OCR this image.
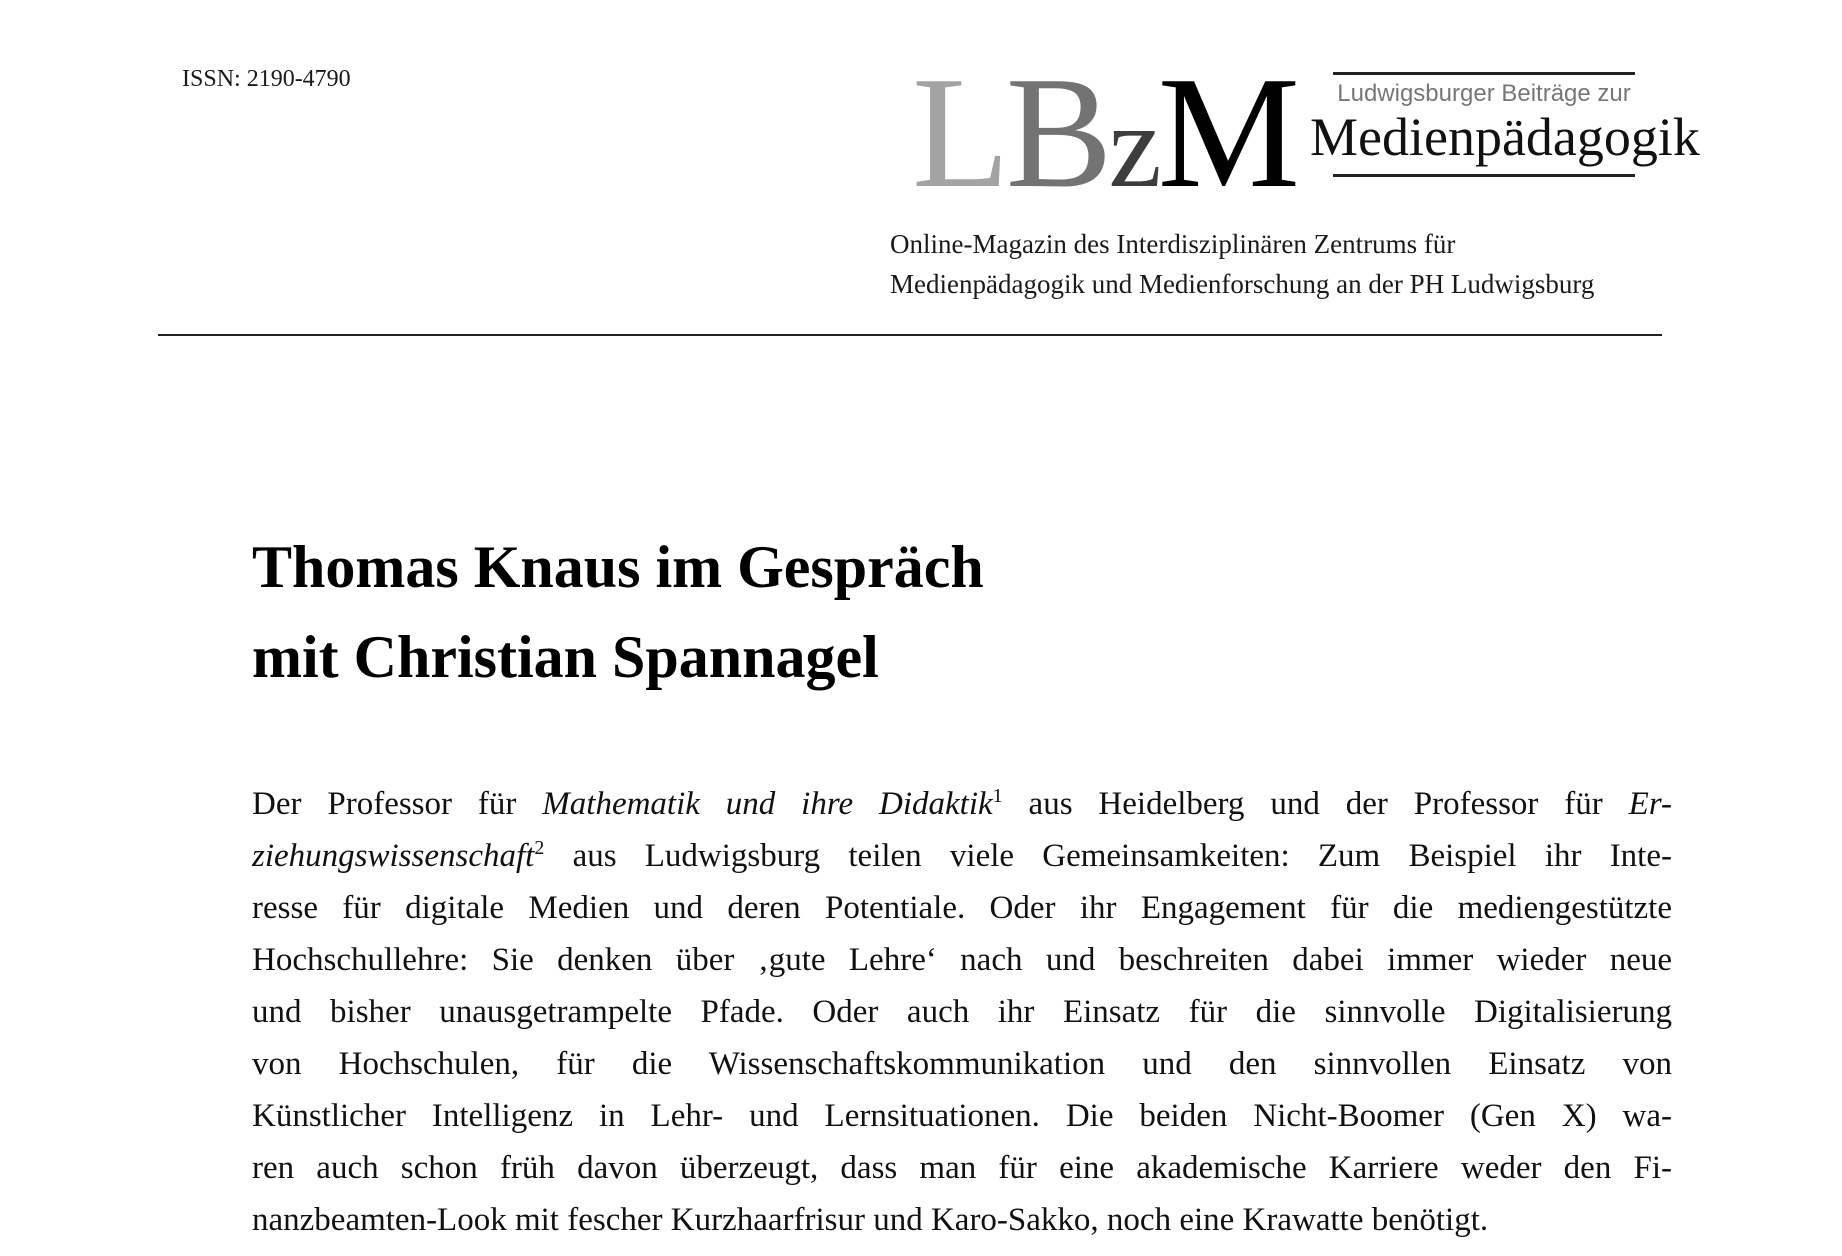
ISSN: 2190-4790	LBzM	Ludwigsburger Beiträge zur
Medienpädagogik
Online-Magazin des Interdisziplinären Zentrums für
Medienpädagogik und Medienforschung an der PH Ludwigsburg
Thomas Knaus im Gespräch
mit Christian Spannagel
Der Professor für Mathematik und ihre Didaktik$^1$ aus Heidelberg und der Professor für Er-
ziehungswissenschaft$^2$ aus Ludwigsburg teilen viele Gemeinsamkeiten: Zum Beispiel ihr Inte-
resse für digitale Medien und deren Potentiale. Oder ihr Engagement für die mediengestützte
Hochschullehre: Sie denken über ‚gute Lehre‘ nach und beschreiten dabei immer wieder neue
und bisher unausgetrampelte Pfade. Oder auch ihr Einsatz für die sinnvolle Digitalisierung
von Hochschulen, für die Wissenschaftskommunikation und den sinnvollen Einsatz von
Künstlicher Intelligenz in Lehr- und Lernsituationen. Die beiden Nicht-Boomer (Gen X) wa-
ren auch schon früh davon überzeugt, dass man für eine akademische Karriere weder den Fi-
nanzbeamten-Look mit fescher Kurzhaarfrisur und Karo-Sakko, noch eine Krawatte benötigt.
